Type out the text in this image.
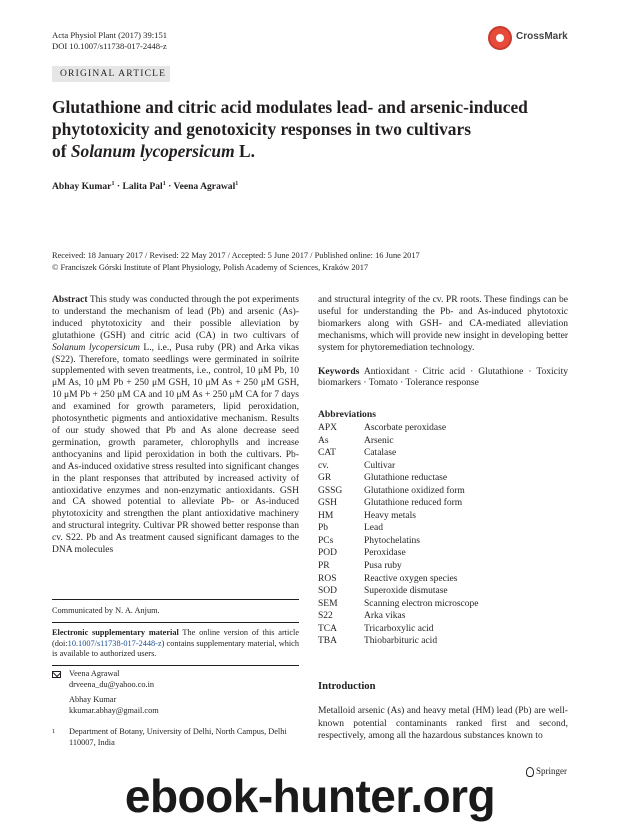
Acta Physiol Plant (2017) 39:151
DOI 10.1007/s11738-017-2448-z
CrossMark
ORIGINAL ARTICLE
Glutathione and citric acid modulates lead- and arsenic-induced
phytotoxicity and genotoxicity responses in two cultivars
of Solanum lycopersicum L.
Abhay Kumar$^1$ · Lalita Pal$^1$ · Veena Agrawal$^1$
Received: 18 January 2017 / Revised: 22 May 2017 / Accepted: 5 June 2017 / Published online: 16 June 2017
© Franciszek Górski Institute of Plant Physiology, Polish Academy of Sciences, Kraków 2017

Abstract This study was conducted through the pot experiments to understand the mechanism of lead (Pb) and arsenic (As)-induced phytotoxicity and their possible alleviation by glutathione (GSH) and citric acid (CA) in two cultivars of Solanum lycopersicum L., i.e., Pusa ruby (PR) and Arka vikas (S22). Therefore, tomato seedlings were germinated in soilrite supplemented with seven treatments, i.e., control, 10 μM Pb, 10 μM As, 10 μM Pb + 250 μM GSH, 10 μM As + 250 μM GSH, 10 μM Pb + 250 μM CA and 10 μM As + 250 μM CA for 7 days and examined for growth parameters, lipid peroxidation, photosynthetic pigments and antioxidative mechanism. Results of our study showed that Pb and As alone decrease seed germination, growth parameter, chlorophylls and increase anthocyanins and lipid peroxidation in both the cultivars. Pb- and As-induced oxidative stress resulted into significant changes in the plant responses that attributed by increased activity of antioxidative enzymes and non-enzymatic antioxidants. GSH and CA showed potential to alleviate Pb- or As-induced phytotoxicity and strengthen the plant antioxidative machinery and structural integrity. Cultivar PR showed better response than cv. S22. Pb and As treatment caused significant damages to the DNA molecules

Communicated by N. A. Anjum.
Electronic supplementary material The online version of this article (doi:10.1007/s11738-017-2448-z) contains supplementary material, which is available to authorized users.
Veena Agrawal
drveena_du@yahoo.co.in
Abhay Kumar
kkumar.abhay@gmail.com
1	Department of Botany, University of Delhi, North Campus, Delhi 110007, India

and structural integrity of the cv. PR roots. These findings can be useful for understanding the Pb- and As-induced phytotoxic biomarkers along with GSH- and CA-mediated alleviation mechanisms, which will provide new insight in developing better system for phytoremediation technology.

Keywords Antioxidant · Citric acid · Glutathione · Toxicity biomarkers · Tomato · Tolerance response

Abbreviations
APX	Ascorbate peroxidase
As	Arsenic
CAT	Catalase
cv.	Cultivar
GR	Glutathione reductase
GSSG	Glutathione oxidized form
GSH	Glutathione reduced form
HM	Heavy metals
Pb	Lead
PCs	Phytochelatins
POD	Peroxidase
PR	Pusa ruby
ROS	Reactive oxygen species
SOD	Superoxide dismutase
SEM	Scanning electron microscope
S22	Arka vikas
TCA	Tricarboxylic acid
TBA	Thiobarbituric acid
Introduction
Metalloid arsenic (As) and heavy metal (HM) lead (Pb) are well-known potential contaminants ranked first and second, respectively, among all the hazardous substances known to
Springer
ebook-hunter.org
